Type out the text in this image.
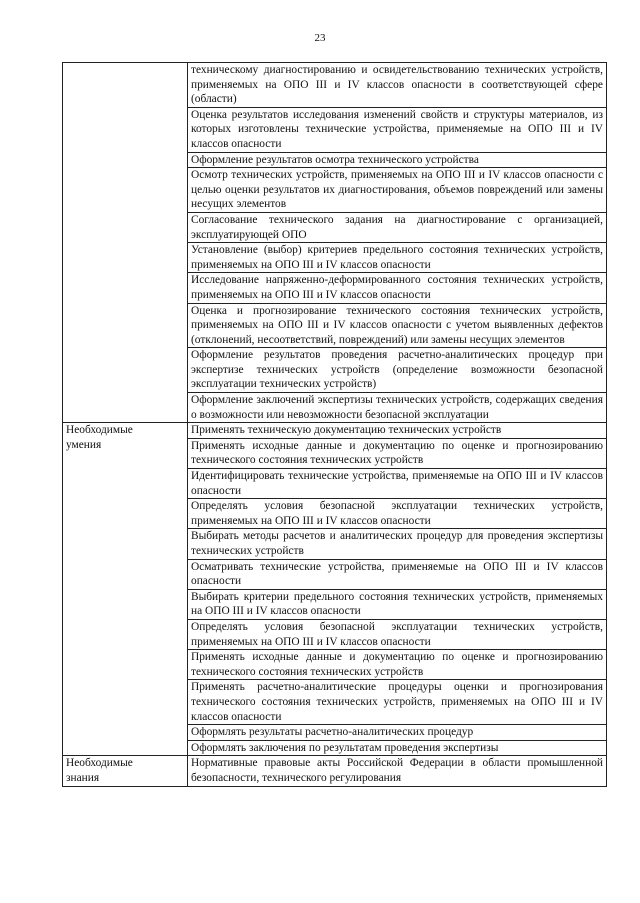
23
	техническому диагностированию и освидетельствованию технических устройств, применяемых на ОПО III и IV классов опасности в соответствующей сфере (области)
	Оценка результатов исследования изменений свойств и структуры материалов, из которых изготовлены технические устройства, применяемые на ОПО III и IV классов опасности
	Оформление результатов осмотра технического устройства
	Осмотр технических устройств, применяемых на ОПО III и IV классов опасности с целью оценки результатов их диагностирования, объемов повреждений или замены несущих элементов
	Согласование технического задания на диагностирование с организацией, эксплуатирующей ОПО
	Установление (выбор) критериев предельного состояния технических устройств, применяемых на ОПО III и IV классов опасности
	Исследование напряженно-деформированного состояния технических устройств, применяемых на ОПО III и IV классов опасности
	Оценка и прогнозирование технического состояния технических устройств, применяемых на ОПО III и IV классов опасности с учетом выявленных дефектов (отклонений, несоответствий, повреждений) или замены несущих элементов
	Оформление результатов проведения расчетно-аналитических процедур при экспертизе технических устройств (определение возможности безопасной эксплуатации технических устройств)
	Оформление заключений экспертизы технических устройств, содержащих сведения о возможности или невозможности безопасной эксплуатации

Необходимые
умения	Применять техническую документацию технических устройств
	Применять исходные данные и документацию по оценке и прогнозированию технического состояния технических устройств
	Идентифицировать технические устройства, применяемые на ОПО III и IV классов опасности
	Определять условия безопасной эксплуатации технических устройств, применяемых на ОПО III и IV классов опасности
	Выбирать методы расчетов и аналитических процедур для проведения экспертизы технических устройств
	Осматривать технические устройства, применяемые на ОПО III и IV классов опасности
	Выбирать критерии предельного состояния технических устройств, применяемых на ОПО III и IV классов опасности
	Определять условия безопасной эксплуатации технических устройств, применяемых на ОПО III и IV классов опасности
	Применять исходные данные и документацию по оценке и прогнозированию технического состояния технических устройств
	Применять расчетно-аналитические процедуры оценки и прогнозирования технического состояния технических устройств, применяемых на ОПО III и IV классов опасности
	Оформлять результаты расчетно-аналитических процедур
	Оформлять заключения по результатам проведения экспертизы

Необходимые
знания	Нормативные правовые акты Российской Федерации в области промышленной безопасности, технического регулирования
